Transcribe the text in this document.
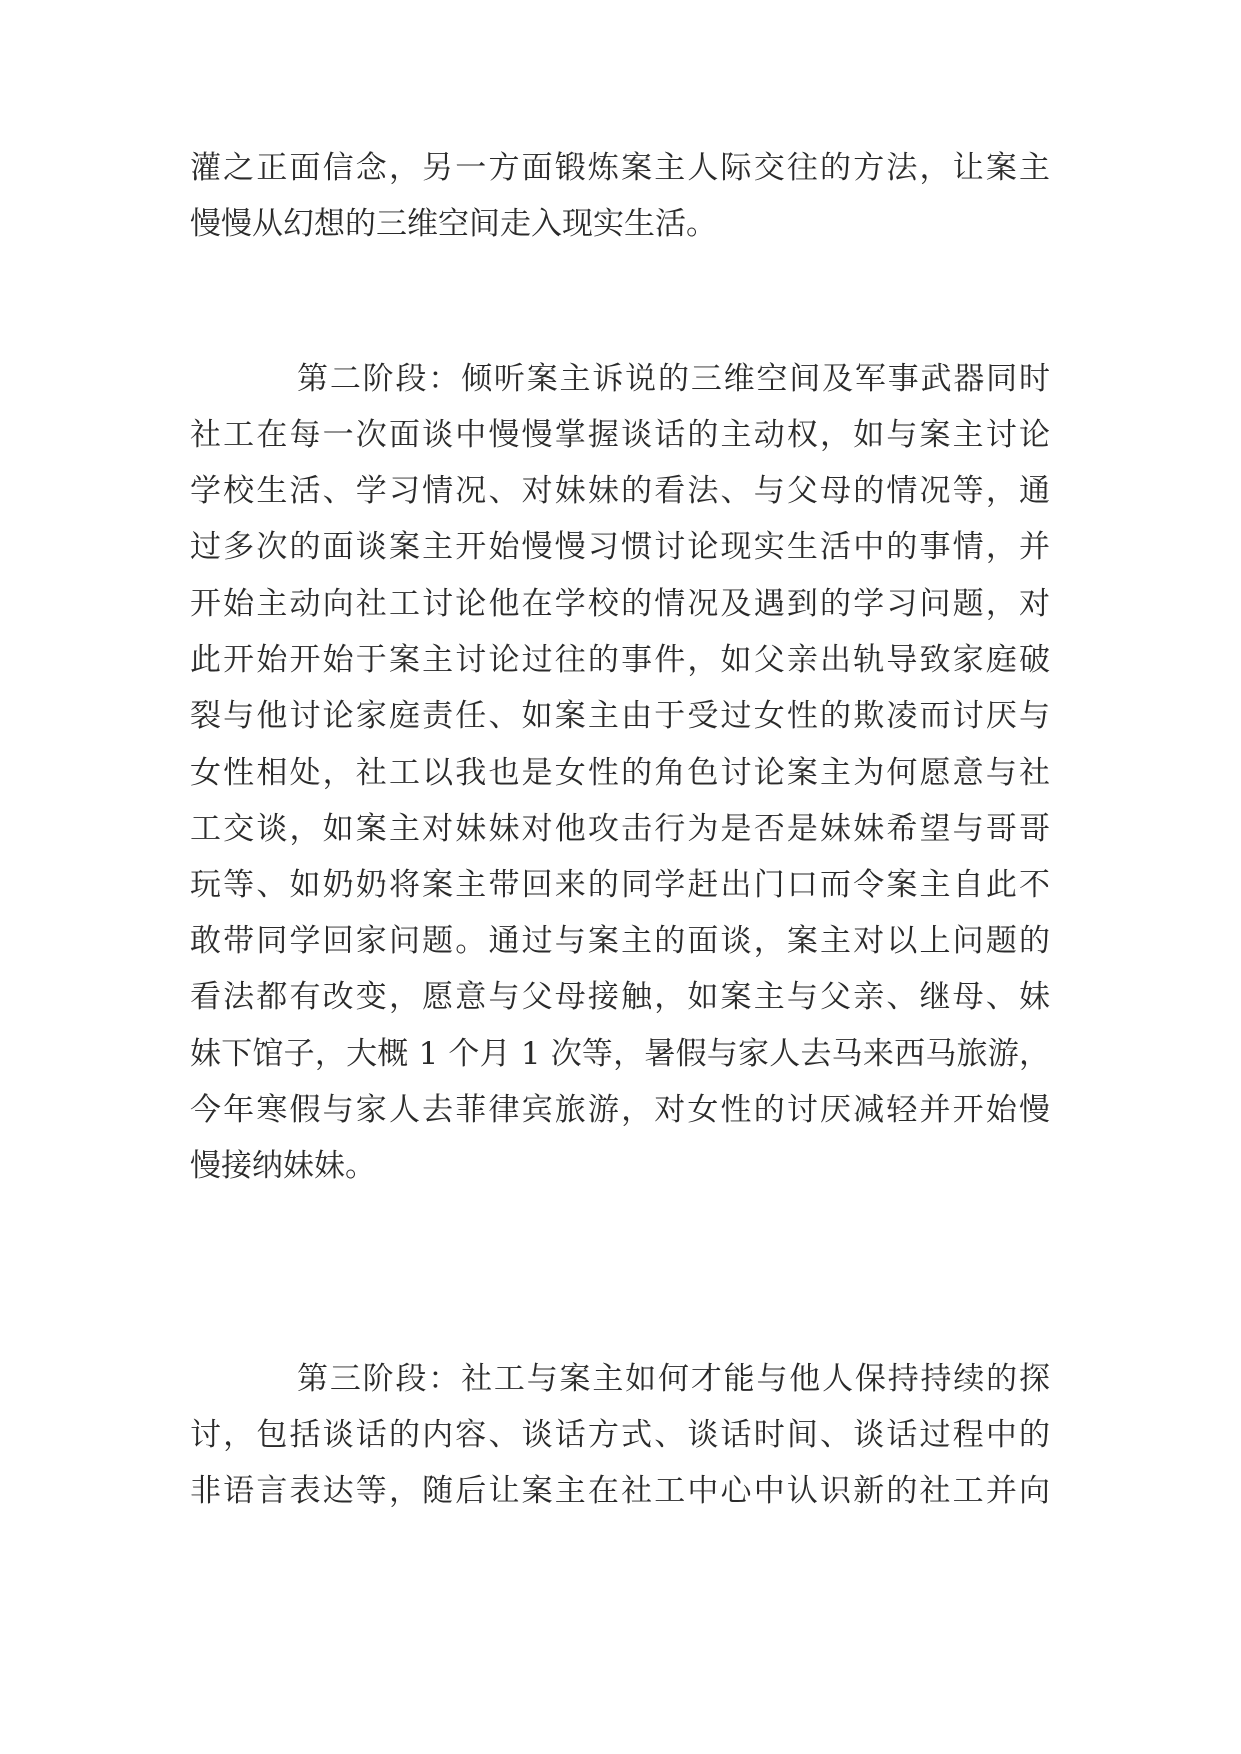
灌之正面信念，另一方面锻炼案主人际交往的方法，让案主
慢慢从幻想的三维空间走入现实生活。
第二阶段：倾听案主诉说的三维空间及军事武器同时
社工在每一次面谈中慢慢掌握谈话的主动权，如与案主讨论
学校生活、学习情况、对妹妹的看法、与父母的情况等，通
过多次的面谈案主开始慢慢习惯讨论现实生活中的事情，并
开始主动向社工讨论他在学校的情况及遇到的学习问题，对
此开始开始于案主讨论过往的事件，如父亲出轨导致家庭破
裂与他讨论家庭责任、如案主由于受过女性的欺凌而讨厌与
女性相处，社工以我也是女性的角色讨论案主为何愿意与社
工交谈，如案主对妹妹对他攻击行为是否是妹妹希望与哥哥
玩等、如奶奶将案主带回来的同学赶出门口而令案主自此不
敢带同学回家问题。通过与案主的面谈，案主对以上问题的
看法都有改变，愿意与父母接触，如案主与父亲、继母、妹
妹下馆子，大概 1 个月 1 次等，暑假与家人去马来西马旅游，
今年寒假与家人去菲律宾旅游，对女性的讨厌减轻并开始慢
慢接纳妹妹。
第三阶段：社工与案主如何才能与他人保持持续的探
讨，包括谈话的内容、谈话方式、谈话时间、谈话过程中的
非语言表达等，随后让案主在社工中心中认识新的社工并向
